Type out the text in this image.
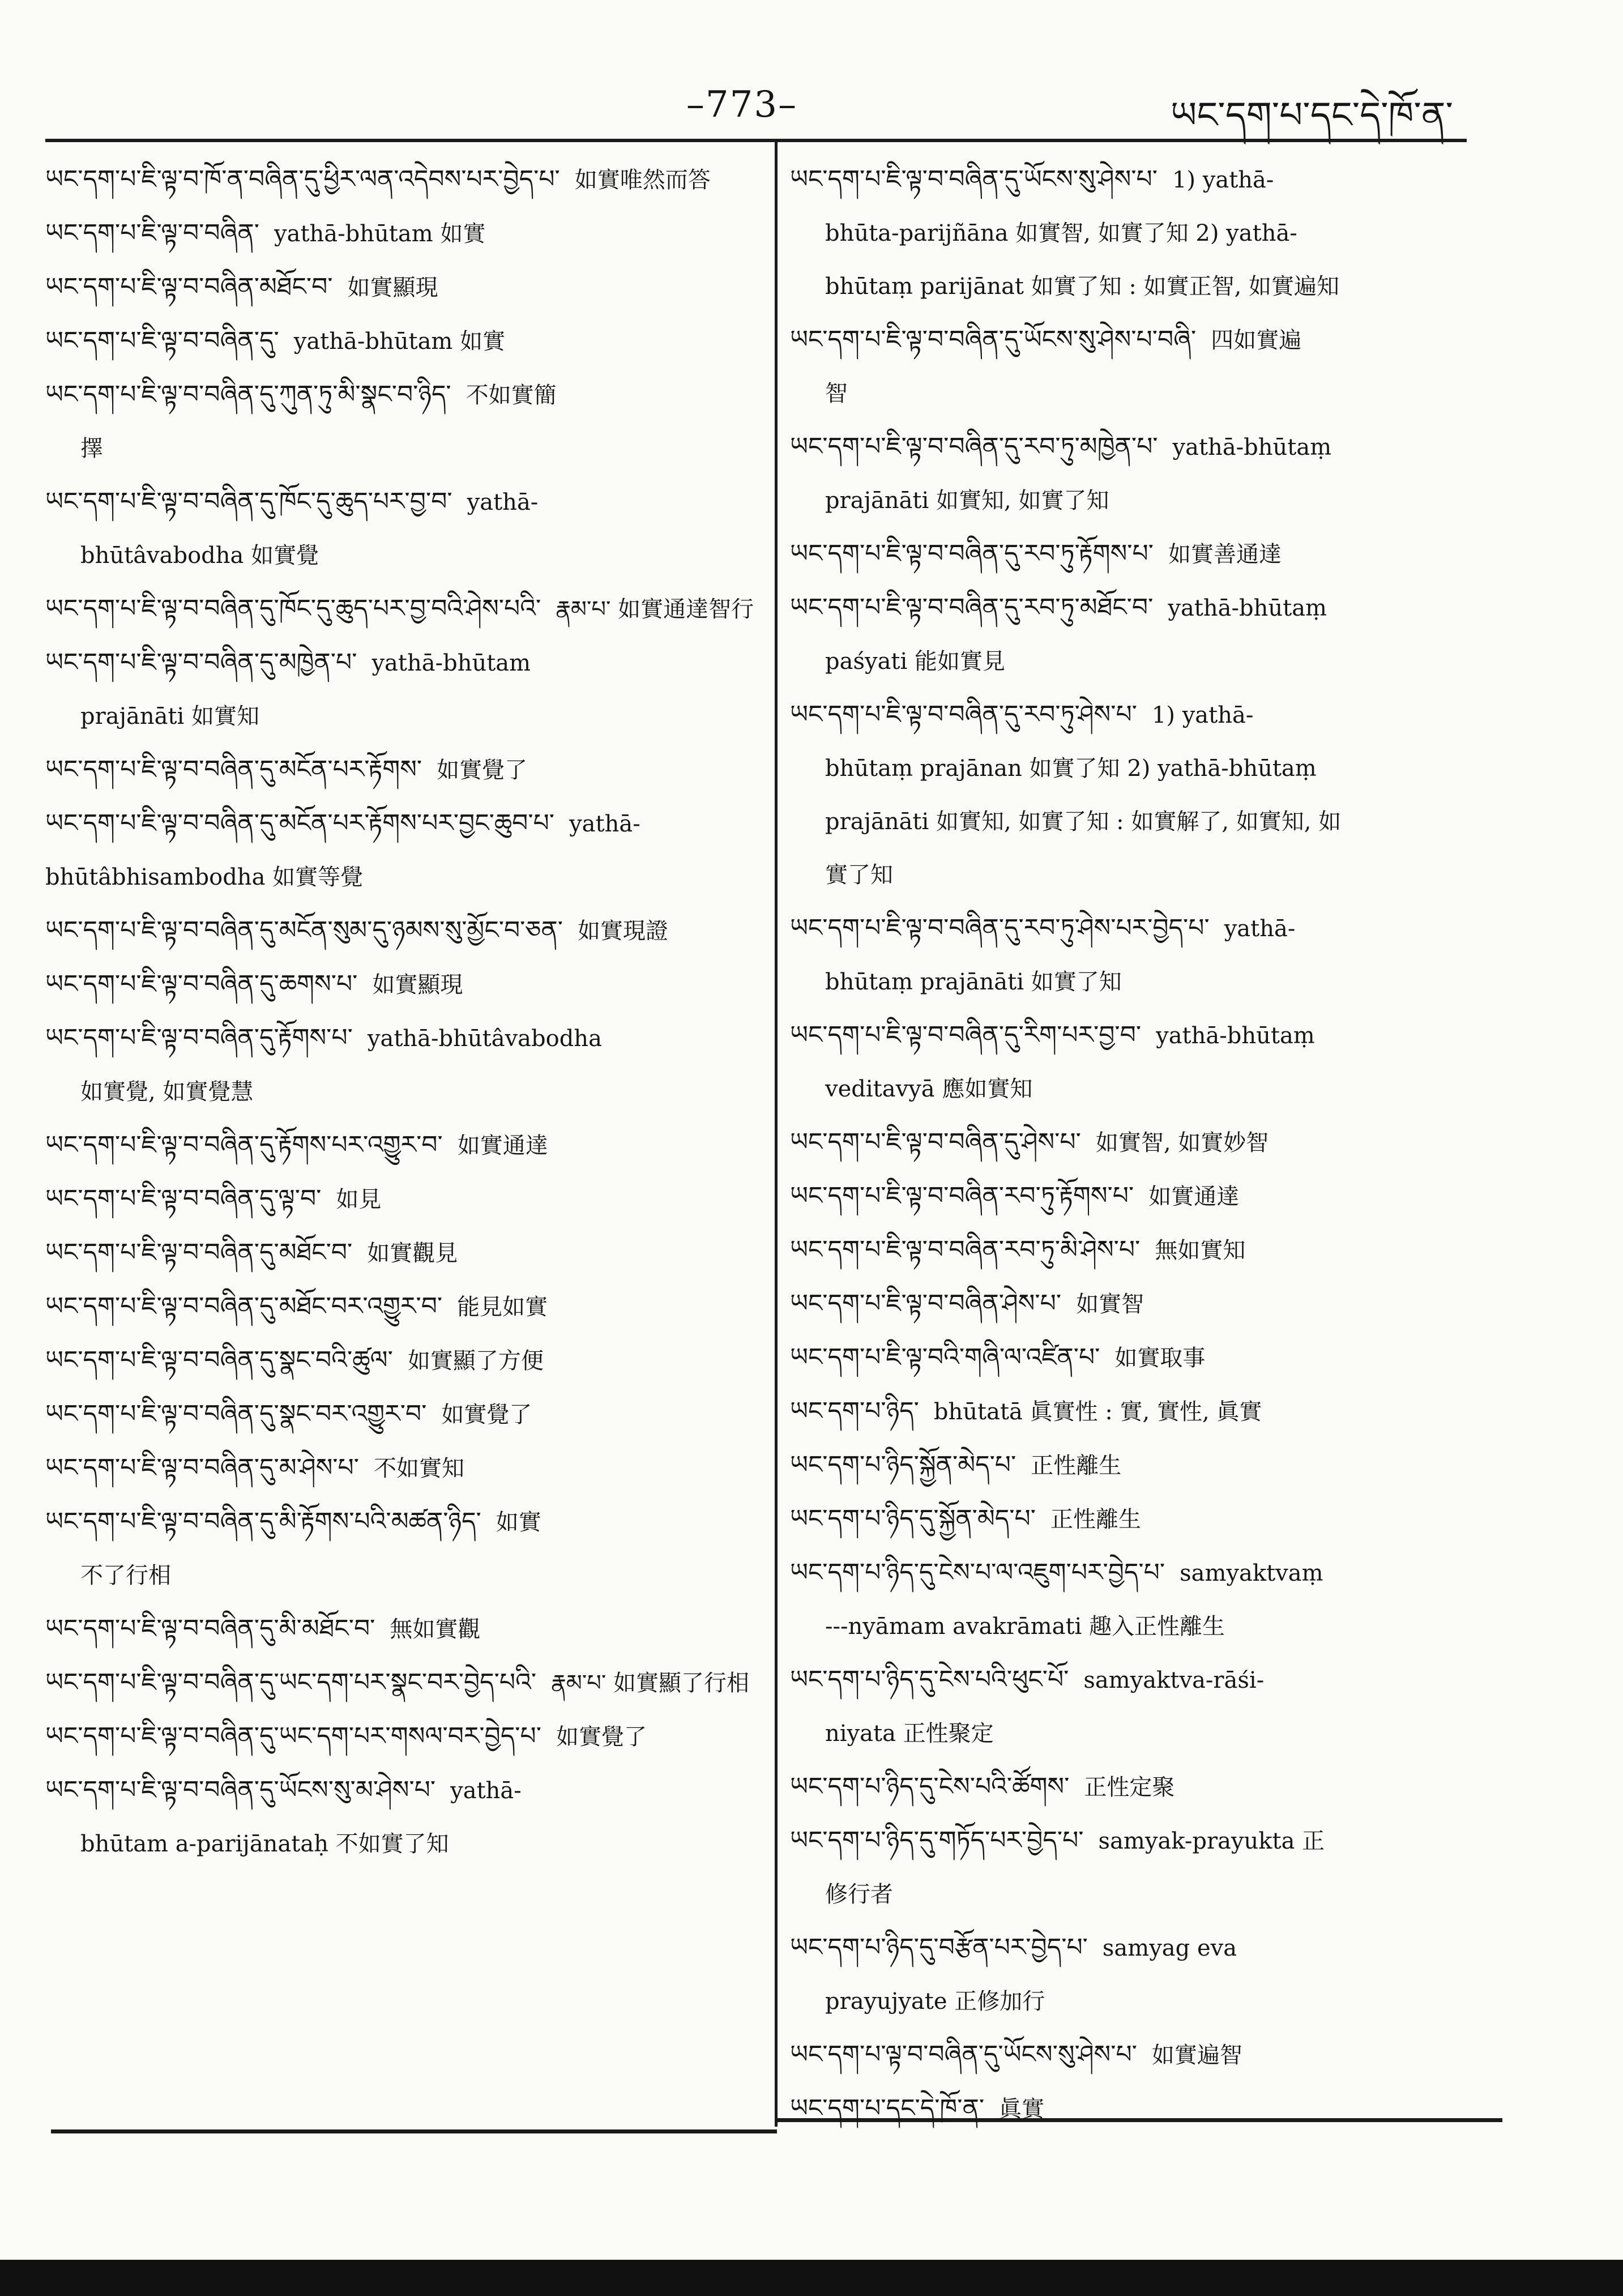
–773–	ཡང་དག་པ་དང་དེ་ཁོ་ན་
ཡང་དག་པ་ཇི་ལྟ་བ་ཁོ་ན་བཞིན་དུ་ཕྱིར་ལན་འདེབས་པར་བྱེད་པ་ 如實唯然而答
ཡང་དག་པ་ཇི་ལྟ་བ་བཞིན་ yathā-bhūtam 如實
ཡང་དག་པ་ཇི་ལྟ་བ་བཞིན་མཐོང་བ་ 如實顯現
ཡང་དག་པ་ཇི་ལྟ་བ་བཞིན་དུ་ yathā-bhūtam 如實
ཡང་དག་པ་ཇི་ལྟ་བ་བཞིན་དུ་ཀུན་ཏུ་མི་སྣང་བ་ཉིད་ 不如實簡
擇
ཡང་དག་པ་ཇི་ལྟ་བ་བཞིན་དུ་ཁོང་དུ་ཆུད་པར་བྱ་བ་ yathā-
bhūtâvabodha 如實覺
ཡང་དག་པ་ཇི་ལྟ་བ་བཞིན་དུ་ཁོང་དུ་ཆུད་པར་བྱ་བའི་ཤེས་པའི་ རྣམ་པ་ 如實通達智行
ཡང་དག་པ་ཇི་ལྟ་བ་བཞིན་དུ་མཁྱེན་པ་ yathā-bhūtam
prajānāti 如實知
ཡང་དག་པ་ཇི་ལྟ་བ་བཞིན་དུ་མངོན་པར་རྟོགས་ 如實覺了
ཡང་དག་པ་ཇི་ལྟ་བ་བཞིན་དུ་མངོན་པར་རྟོགས་པར་བྱང་ཆུབ་པ་ yathā-bhūtâbhisambodha 如實等覺
ཡང་དག་པ་ཇི་ལྟ་བ་བཞིན་དུ་མངོན་སུམ་དུ་ཉམས་སུ་མྱོང་བ་ཅན་ 如實現證
ཡང་དག་པ་ཇི་ལྟ་བ་བཞིན་དུ་ཆགས་པ་ 如實顯現
ཡང་དག་པ་ཇི་ལྟ་བ་བཞིན་དུ་རྟོགས་པ་ yathā-bhūtâvabodha
如實覺, 如實覺慧
ཡང་དག་པ་ཇི་ལྟ་བ་བཞིན་དུ་རྟོགས་པར་འགྱུར་བ་ 如實通達
ཡང་དག་པ་ཇི་ལྟ་བ་བཞིན་དུ་ལྟ་བ་ 如見
ཡང་དག་པ་ཇི་ལྟ་བ་བཞིན་དུ་མཐོང་བ་ 如實觀見
ཡང་དག་པ་ཇི་ལྟ་བ་བཞིན་དུ་མཐོང་བར་འགྱུར་བ་ 能見如實
ཡང་དག་པ་ཇི་ལྟ་བ་བཞིན་དུ་སྣང་བའི་ཚུལ་ 如實顯了方便
ཡང་དག་པ་ཇི་ལྟ་བ་བཞིན་དུ་སྣང་བར་འགྱུར་བ་ 如實覺了
ཡང་དག་པ་ཇི་ལྟ་བ་བཞིན་དུ་མ་ཤེས་པ་ 不如實知
ཡང་དག་པ་ཇི་ལྟ་བ་བཞིན་དུ་མི་རྟོགས་པའི་མཚན་ཉིད་ 如實
不了行相
ཡང་དག་པ་ཇི་ལྟ་བ་བཞིན་དུ་མི་མཐོང་བ་ 無如實觀
ཡང་དག་པ་ཇི་ལྟ་བ་བཞིན་དུ་ཡང་དག་པར་སྣང་བར་བྱེད་པའི་ རྣམ་པ་ 如實顯了行相
ཡང་དག་པ་ཇི་ལྟ་བ་བཞིན་དུ་ཡང་དག་པར་གསལ་བར་བྱེད་པ་ 如實覺了
ཡང་དག་པ་ཇི་ལྟ་བ་བཞིན་དུ་ཡོངས་སུ་མ་ཤེས་པ་ yathā-
bhūtam a-parijānataḥ 不如實了知
ཡང་དག་པ་ཇི་ལྟ་བ་བཞིན་དུ་ཡོངས་སུ་ཤེས་པ་ 1) yathā-
bhūta-parijñāna 如實智, 如實了知 2) yathā-
bhūtaṃ parijānat 如實了知 : 如實正智, 如實遍知
ཡང་དག་པ་ཇི་ལྟ་བ་བཞིན་དུ་ཡོངས་སུ་ཤེས་པ་བཞི་ 四如實遍
智
ཡང་དག་པ་ཇི་ལྟ་བ་བཞིན་དུ་རབ་ཏུ་མཁྱེན་པ་ yathā-bhūtaṃ
prajānāti 如實知, 如實了知
ཡང་དག་པ་ཇི་ལྟ་བ་བཞིན་དུ་རབ་ཏུ་རྟོགས་པ་ 如實善通達
ཡང་དག་པ་ཇི་ལྟ་བ་བཞིན་དུ་རབ་ཏུ་མཐོང་བ་ yathā-bhūtaṃ
paśyati 能如實見
ཡང་དག་པ་ཇི་ལྟ་བ་བཞིན་དུ་རབ་ཏུ་ཤེས་པ་ 1) yathā-
bhūtaṃ prajānan 如實了知 2) yathā-bhūtaṃ
prajānāti 如實知, 如實了知 : 如實解了, 如實知, 如
實了知
ཡང་དག་པ་ཇི་ལྟ་བ་བཞིན་དུ་རབ་ཏུ་ཤེས་པར་བྱེད་པ་ yathā-
bhūtaṃ prajānāti 如實了知
ཡང་དག་པ་ཇི་ལྟ་བ་བཞིན་དུ་རིག་པར་བྱ་བ་ yathā-bhūtaṃ
veditavyā 應如實知
ཡང་དག་པ་ཇི་ལྟ་བ་བཞིན་དུ་ཤེས་པ་ 如實智, 如實妙智
ཡང་དག་པ་ཇི་ལྟ་བ་བཞིན་རབ་ཏུ་རྟོགས་པ་ 如實通達
ཡང་དག་པ་ཇི་ལྟ་བ་བཞིན་རབ་ཏུ་མི་ཤེས་པ་ 無如實知
ཡང་དག་པ་ཇི་ལྟ་བ་བཞིན་ཤེས་པ་ 如實智
ཡང་དག་པ་ཇི་ལྟ་བའི་གཞི་ལ་འཛིན་པ་ 如實取事
ཡང་དག་པ་ཉིད་ bhūtatā 眞實性 : 實, 實性, 眞實
ཡང་དག་པ་ཉིད་སྐྱོན་མེད་པ་ 正性離生
ཡང་དག་པ་ཉིད་དུ་སྐྱོན་མེད་པ་ 正性離生
ཡང་དག་པ་ཉིད་དུ་ངེས་པ་ལ་འཇུག་པར་བྱེད་པ་ samyaktvaṃ
---nyāmam avakrāmati 趣入正性離生
ཡང་དག་པ་ཉིད་དུ་ངེས་པའི་ཕུང་པོ་ samyaktva-rāśi-
niyata 正性聚定
ཡང་དག་པ་ཉིད་དུ་ངེས་པའི་ཚོགས་ 正性定聚
ཡང་དག་པ་ཉིད་དུ་གཏོད་པར་བྱེད་པ་ samyak-prayukta 正
修行者
ཡང་དག་པ་ཉིད་དུ་བརྩོན་པར་བྱེད་པ་ samyag eva
prayujyate 正修加行
ཡང་དག་པ་ལྟ་བ་བཞིན་དུ་ཡོངས་སུ་ཤེས་པ་ 如實遍智
ཡང་དག་པ་དང་དེ་ཁོ་ན་ 眞實
